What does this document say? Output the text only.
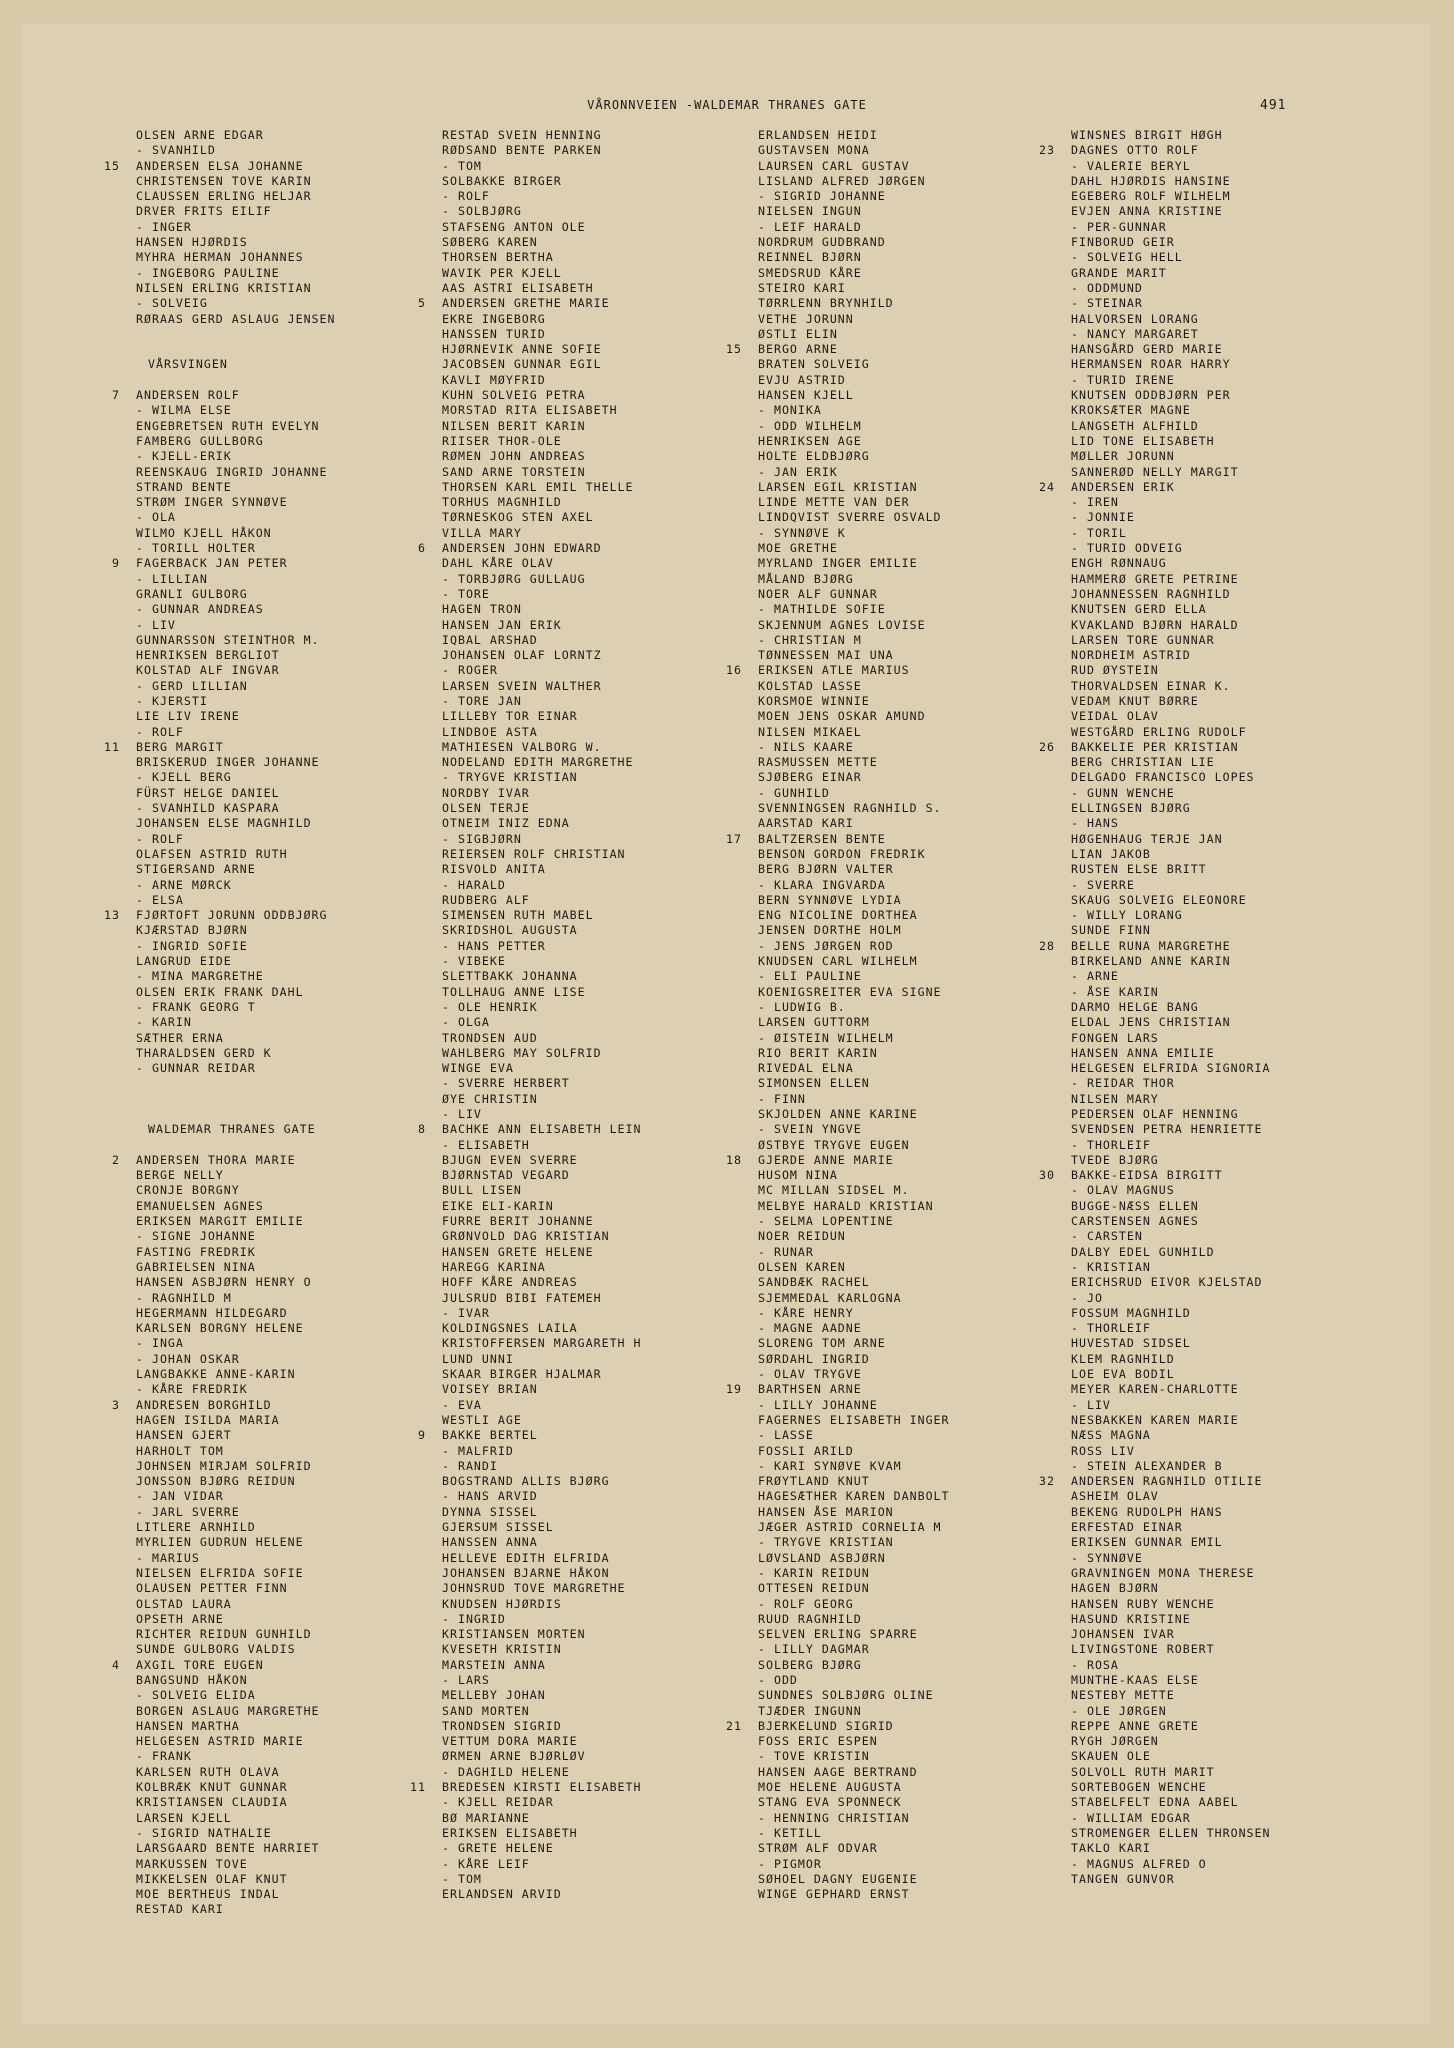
VÅRONNVEIEN -WALDEMAR THRANES GATE	491
OLSEN ARNE EDGAR
- SVANHILD
15 ANDERSEN ELSA JOHANNE
CHRISTENSEN TOVE KARIN
CLAUSSEN ERLING HELJAR
DRVER FRITS EILIF
- INGER
HANSEN HJØRDIS
MYHRA HERMAN JOHANNES
- INGEBORG PAULINE
NILSEN ERLING KRISTIAN
- SOLVEIG
RØRAAS GERD ASLAUG JENSEN
VÅRSVINGEN
7 ANDERSEN ROLF
- WILMA ELSE
ENGEBRETSEN RUTH EVELYN
FAMBERG GULLBORG
- KJELL-ERIK
REENSKAUG INGRID JOHANNE
STRAND BENTE
STRØM INGER SYNNØVE
- OLA
WILMO KJELL HÅKON
- TORILL HOLTER
9 FAGERBACK JAN PETER
- LILLIAN
GRANLI GULBORG
- GUNNAR ANDREAS
- LIV
GUNNARSSON STEINTHOR M.
HENRIKSEN BERGLIOT
KOLSTAD ALF INGVAR
- GERD LILLIAN
- KJERSTI
LIE LIV IRENE
- ROLF
11 BERG MARGIT
BRISKERUD INGER JOHANNE
- KJELL BERG
FÜRST HELGE DANIEL
- SVANHILD KASPARA
JOHANSEN ELSE MAGNHILD
- ROLF
OLAFSEN ASTRID RUTH
STIGERSAND ARNE
- ARNE MØRCK
- ELSA
13 FJØRTOFT JORUNN ODDBJØRG
KJÆRSTAD BJØRN
- INGRID SOFIE
LANGRUD EIDE
- MINA MARGRETHE
OLSEN ERIK FRANK DAHL
- FRANK GEORG T
- KARIN
SÆTHER ERNA
THARALDSEN GERD K
- GUNNAR REIDAR
WALDEMAR THRANES GATE
2 ANDERSEN THORA MARIE
BERGE NELLY
CRONJE BORGNY
EMANUELSEN AGNES
ERIKSEN MARGIT EMILIE
- SIGNE JOHANNE
FASTING FREDRIK
GABRIELSEN NINA
HANSEN ASBJØRN HENRY O
- RAGNHILD M
HEGERMANN HILDEGARD
KARLSEN BORGNY HELENE
- INGA
- JOHAN OSKAR
LANGBAKKE ANNE-KARIN
- KÅRE FREDRIK
3 ANDRESEN BORGHILD
HAGEN ISILDA MARIA
HANSEN GJERT
HARHOLT TOM
JOHNSEN MIRJAM SOLFRID
JONSSON BJØRG REIDUN
- JAN VIDAR
- JARL SVERRE
LITLERE ARNHILD
MYRLIEN GUDRUN HELENE
- MARIUS
NIELSEN ELFRIDA SOFIE
OLAUSEN PETTER FINN
OLSTAD LAURA
OPSETH ARNE
RICHTER REIDUN GUNHILD
SUNDE GULBORG VALDIS
4 AXGIL TORE EUGEN
BANGSUND HÅKON
- SOLVEIG ELIDA
BORGEN ASLAUG MARGRETHE
HANSEN MARTHA
HELGESEN ASTRID MARIE
- FRANK
KARLSEN RUTH OLAVA
KOLBRÆK KNUT GUNNAR
KRISTIANSEN CLAUDIA
LARSEN KJELL
- SIGRID NATHALIE
LARSGAARD BENTE HARRIET
MARKUSSEN TOVE
MIKKELSEN OLAF KNUT
MOE BERTHEUS INDAL
RESTAD KARI
RESTAD SVEIN HENNING
RØDSAND BENTE PARKEN
- TOM
SOLBAKKE BIRGER
- ROLF
- SOLBJØRG
STAFSENG ANTON OLE
SØBERG KAREN
THORSEN BERTHA
WAVIK PER KJELL
AAS ASTRI ELISABETH
5 ANDERSEN GRETHE MARIE
EKRE INGEBORG
HANSSEN TURID
HJØRNEVIK ANNE SOFIE
JACOBSEN GUNNAR EGIL
KAVLI MØYFRID
KUHN SOLVEIG PETRA
MORSTAD RITA ELISABETH
NILSEN BERIT KARIN
RIISER THOR-OLE
RØMEN JOHN ANDREAS
SAND ARNE TORSTEIN
THORSEN KARL EMIL THELLE
TORHUS MAGNHILD
TØRNESKOG STEN AXEL
VILLA MARY
6 ANDERSEN JOHN EDWARD
DAHL KÅRE OLAV
- TORBJØRG GULLAUG
- TORE
HAGEN TRON
HANSEN JAN ERIK
IQBAL ARSHAD
JOHANSEN OLAF LORNTZ
- ROGER
LARSEN SVEIN WALTHER
- TORE JAN
LILLEBY TOR EINAR
LINDBOE ASTA
MATHIESEN VALBORG W.
NODELAND EDITH MARGRETHE
- TRYGVE KRISTIAN
NORDBY IVAR
OLSEN TERJE
OTNEIM INIZ EDNA
- SIGBJØRN
REIERSEN ROLF CHRISTIAN
RISVOLD ANITA
- HARALD
RUDBERG ALF
SIMENSEN RUTH MABEL
SKRIDSHOL AUGUSTA
- HANS PETTER
- VIBEKE
SLETTBAKK JOHANNA
TOLLHAUG ANNE LISE
- OLE HENRIK
- OLGA
TRONDSEN AUD
WAHLBERG MAY SOLFRID
WINGE EVA
- SVERRE HERBERT
ØYE CHRISTIN
- LIV
8 BACHKE ANN ELISABETH LEIN
- ELISABETH
BJUGN EVEN SVERRE
BJØRNSTAD VEGARD
BULL LISEN
EIKE ELI-KARIN
FURRE BERIT JOHANNE
GRØNVOLD DAG KRISTIAN
HANSEN GRETE HELENE
HAREGG KARINA
HOFF KÅRE ANDREAS
JULSRUD BIBI FATEMEH
- IVAR
KOLDINGSNES LAILA
KRISTOFFERSEN MARGARETH H
LUND UNNI
SKAAR BIRGER HJALMAR
VOISEY BRIAN
- EVA
WESTLI AGE
9 BAKKE BERTEL
- MALFRID
- RANDI
BOGSTRAND ALLIS BJØRG
- HANS ARVID
DYNNA SISSEL
GJERSUM SISSEL
HANSSEN ANNA
HELLEVE EDITH ELFRIDA
JOHANSEN BJARNE HÅKON
JOHNSRUD TOVE MARGRETHE
KNUDSEN HJØRDIS
- INGRID
KRISTIANSEN MORTEN
KVESETH KRISTIN
MARSTEIN ANNA
- LARS
MELLEBY JOHAN
SAND MORTEN
TRONDSEN SIGRID
VETTUM DORA MARIE
ØRMEN ARNE BJØRLØV
- DAGHILD HELENE
11 BREDESEN KIRSTI ELISABETH
- KJELL REIDAR
BØ MARIANNE
ERIKSEN ELISABETH
- GRETE HELENE
- KÅRE LEIF
- TOM
ERLANDSEN ARVID
ERLANDSEN HEIDI
GUSTAVSEN MONA
LAURSEN CARL GUSTAV
LISLAND ALFRED JØRGEN
- SIGRID JOHANNE
NIELSEN INGUN
- LEIF HARALD
NORDRUM GUDBRAND
REINNEL BJØRN
SMEDSRUD KÅRE
STEIRO KARI
TØRRLENN BRYNHILD
VETHE JORUNN
ØSTLI ELIN
15 BERGO ARNE
BRATEN SOLVEIG
EVJU ASTRID
HANSEN KJELL
- MONIKA
- ODD WILHELM
HENRIKSEN AGE
HOLTE ELDBJØRG
- JAN ERIK
LARSEN EGIL KRISTIAN
LINDE METTE VAN DER
LINDQVIST SVERRE OSVALD
- SYNNØVE K
MOE GRETHE
MYRLAND INGER EMILIE
MÅLAND BJØRG
NOER ALF GUNNAR
- MATHILDE SOFIE
SKJENNUM AGNES LOVISE
- CHRISTIAN M
TØNNESSEN MAI UNA
16 ERIKSEN ATLE MARIUS
KOLSTAD LASSE
KORSMOE WINNIE
MOEN JENS OSKAR AMUND
NILSEN MIKAEL
- NILS KAARE
RASMUSSEN METTE
SJØBERG EINAR
- GUNHILD
SVENNINGSEN RAGNHILD S.
AARSTAD KARI
17 BALTZERSEN BENTE
BENSON GORDON FREDRIK
BERG BJØRN VALTER
- KLARA INGVARDA
BERN SYNNØVE LYDIA
ENG NICOLINE DORTHEA
JENSEN DORTHE HOLM
- JENS JØRGEN ROD
KNUDSEN CARL WILHELM
- ELI PAULINE
KOENIGSREITER EVA SIGNE
- LUDWIG B.
LARSEN GUTTORM
- ØISTEIN WILHELM
RIO BERIT KARIN
RIVEDAL ELNA
SIMONSEN ELLEN
- FINN
SKJOLDEN ANNE KARINE
- SVEIN YNGVE
ØSTBYE TRYGVE EUGEN
18 GJERDE ANNE MARIE
HUSOM NINA
MC MILLAN SIDSEL M.
MELBYE HARALD KRISTIAN
- SELMA LOPENTINE
NOER REIDUN
- RUNAR
OLSEN KAREN
SANDBÆK RACHEL
SJEMMEDAL KARLOGNA
- KÅRE HENRY
- MAGNE AADNE
SLORENG TOM ARNE
SØRDAHL INGRID
- OLAV TRYGVE
19 BARTHSEN ARNE
- LILLY JOHANNE
FAGERNES ELISABETH INGER
- LASSE
FOSSLI ARILD
- KARI SYNØVE KVAM
FRØYTLAND KNUT
HAGESÆTHER KAREN DANBOLT
HANSEN ÅSE MARION
JÆGER ASTRID CORNELIA M
- TRYGVE KRISTIAN
LØVSLAND ASBJØRN
- KARIN REIDUN
OTTESEN REIDUN
- ROLF GEORG
RUUD RAGNHILD
SELVEN ERLING SPARRE
- LILLY DAGMAR
SOLBERG BJØRG
- ODD
SUNDNES SOLBJØRG OLINE
TJÆDER INGUNN
21 BJERKELUND SIGRID
FOSS ERIC ESPEN
- TOVE KRISTIN
HANSEN AAGE BERTRAND
MOE HELENE AUGUSTA
STANG EVA SPONNECK
- HENNING CHRISTIAN
- KETILL
STRØM ALF ODVAR
- PIGMOR
SØHOEL DAGNY EUGENIE
WINGE GEPHARD ERNST
WINSNES BIRGIT HØGH
23 DAGNES OTTO ROLF
- VALERIE BERYL
DAHL HJØRDIS HANSINE
EGEBERG ROLF WILHELM
EVJEN ANNA KRISTINE
- PER-GUNNAR
FINBORUD GEIR
- SOLVEIG HELL
GRANDE MARIT
- ODDMUND
- STEINAR
HALVORSEN LORANG
- NANCY MARGARET
HANSGÅRD GERD MARIE
HERMANSEN ROAR HARRY
- TURID IRENE
KNUTSEN ODDBJØRN PER
KROKSÆTER MAGNE
LANGSETH ALFHILD
LID TONE ELISABETH
MØLLER JORUNN
SANNERØD NELLY MARGIT
24 ANDERSEN ERIK
- IREN
- JONNIE
- TORIL
- TURID ODVEIG
ENGH RØNNAUG
HAMMERØ GRETE PETRINE
JOHANNESSEN RAGNHILD
KNUTSEN GERD ELLA
KVAKLAND BJØRN HARALD
LARSEN TORE GUNNAR
NORDHEIM ASTRID
RUD ØYSTEIN
THORVALDSEN EINAR K.
VEDAM KNUT BØRRE
VEIDAL OLAV
WESTGÅRD ERLING RUDOLF
26 BAKKELIE PER KRISTIAN
BERG CHRISTIAN LIE
DELGADO FRANCISCO LOPES
- GUNN WENCHE
ELLINGSEN BJØRG
- HANS
HØGENHAUG TERJE JAN
LIAN JAKOB
RUSTEN ELSE BRITT
- SVERRE
SKAUG SOLVEIG ELEONORE
- WILLY LORANG
SUNDE FINN
28 BELLE RUNA MARGRETHE
BIRKELAND ANNE KARIN
- ARNE
- ÅSE KARIN
DARMO HELGE BANG
ELDAL JENS CHRISTIAN
FONGEN LARS
HANSEN ANNA EMILIE
HELGESEN ELFRIDA SIGNORIA
- REIDAR THOR
NILSEN MARY
PEDERSEN OLAF HENNING
SVENDSEN PETRA HENRIETTE
- THORLEIF
TVEDE BJØRG
30 BAKKE-EIDSA BIRGITT
- OLAV MAGNUS
BUGGE-NÆSS ELLEN
CARSTENSEN AGNES
- CARSTEN
DALBY EDEL GUNHILD
- KRISTIAN
ERICHSRUD EIVOR KJELSTAD
- JO
FOSSUM MAGNHILD
- THORLEIF
HUVESTAD SIDSEL
KLEM RAGNHILD
LOE EVA BODIL
MEYER KAREN-CHARLOTTE
- LIV
NESBAKKEN KAREN MARIE
NÆSS MAGNA
ROSS LIV
- STEIN ALEXANDER B
32 ANDERSEN RAGNHILD OTILIE
ASHEIM OLAV
BEKENG RUDOLPH HANS
ERFESTAD EINAR
ERIKSEN GUNNAR EMIL
- SYNNØVE
GRAVNINGEN MONA THERESE
HAGEN BJØRN
HANSEN RUBY WENCHE
HASUND KRISTINE
JOHANSEN IVAR
LIVINGSTONE ROBERT
- ROSA
MUNTHE-KAAS ELSE
NESTEBY METTE
- OLE JØRGEN
REPPE ANNE GRETE
RYGH JØRGEN
SKAUEN OLE
SOLVOLL RUTH MARIT
SORTEBOGEN WENCHE
STABELFELT EDNA AABEL
- WILLIAM EDGAR
STROMENGER ELLEN THRONSEN
TAKLO KARI
- MAGNUS ALFRED O
TANGEN GUNVOR
